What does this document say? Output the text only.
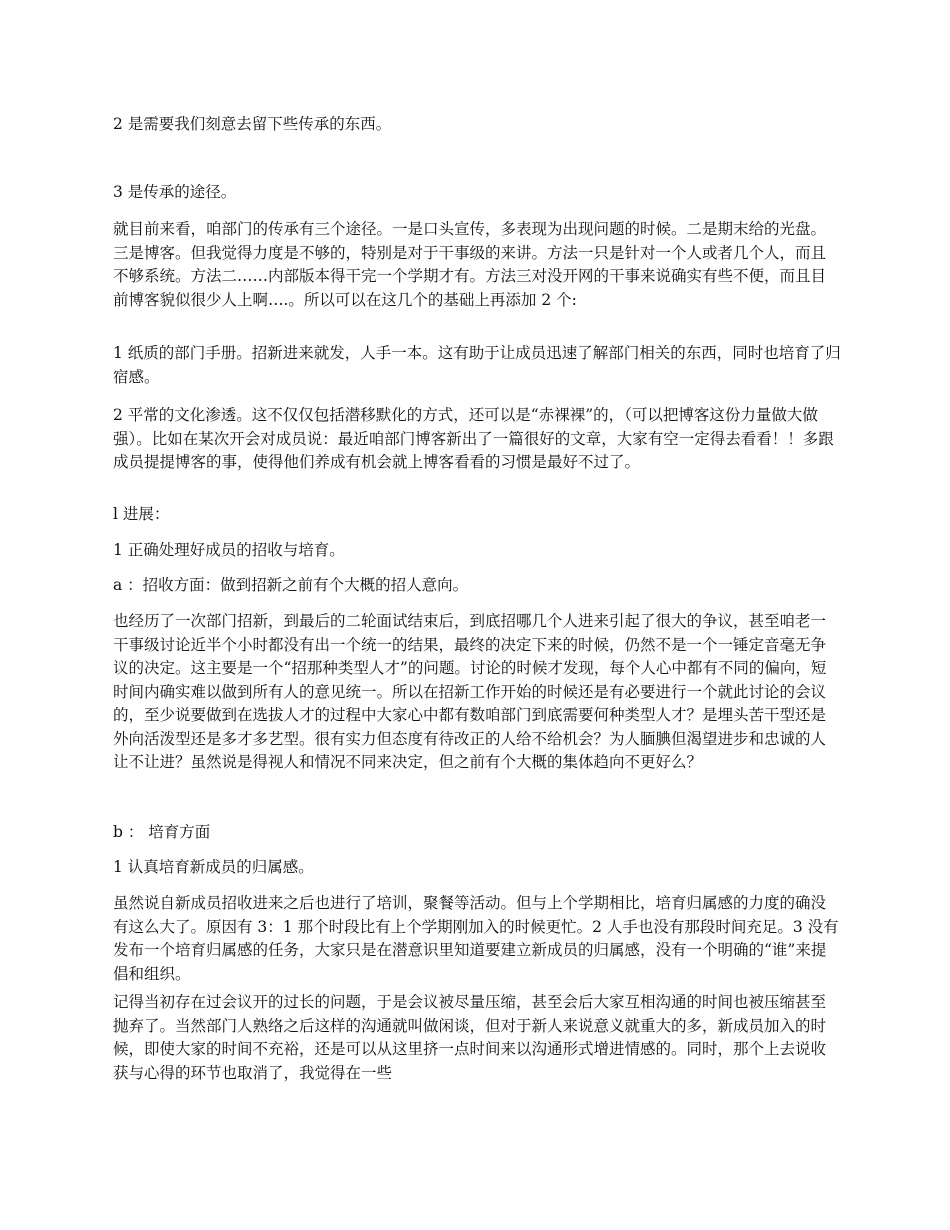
2 是需要我们刻意去留下些传承的东西。

3 是传承的途径。

就目前来看，咱部门的传承有三个途径。一是口头宣传，多表现为出现问题的时候。二是期末给的光盘。三是博客。但我觉得力度是不够的，特别是对于干事级的来讲。方法一只是针对一个人或者几个人，而且不够系统。方法二……内部版本得干完一个学期才有。方法三对没开网的干事来说确实有些不便，而且目前博客貌似很少人上啊….。所以可以在这几个的基础上再添加 2 个:

1 纸质的部门手册。招新进来就发，人手一本。这有助于让成员迅速了解部门相关的东西，同时也培育了归宿感。

2 平常的文化渗透。这不仅仅包括潜移默化的方式，还可以是“赤裸裸”的，（可以把博客这份力量做大做强）。比如在某次开会对成员说：最近咱部门博客新出了一篇很好的文章，大家有空一定得去看看！！多跟成员提提博客的事，使得他们养成有机会就上博客看看的习惯是最好不过了。

l 进展：

1 正确处理好成员的招收与培育。

a ：招收方面：做到招新之前有个大概的招人意向。

也经历了一次部门招新，到最后的二轮面试结束后，到底招哪几个人进来引起了很大的争议，甚至咱老一干事级讨论近半个小时都没有出一个统一的结果，最终的决定下来的时候，仍然不是一个一锤定音毫无争议的决定。这主要是一个“招那种类型人才”的问题。讨论的时候才发现，每个人心中都有不同的偏向，短时间内确实难以做到所有人的意见统一。所以在招新工作开始的时候还是有必要进行一个就此讨论的会议的，至少说要做到在选拔人才的过程中大家心中都有数咱部门到底需要何种类型人才？是埋头苦干型还是外向活泼型还是多才多艺型。很有实力但态度有待改正的人给不给机会？为人腼腆但渴望进步和忠诚的人让不让进？虽然说是得视人和情况不同来决定，但之前有个大概的集体趋向不更好么？

b ： 培育方面

1 认真培育新成员的归属感。

虽然说自新成员招收进来之后也进行了培训，聚餐等活动。但与上个学期相比，培育归属感的力度的确没有这么大了。原因有 3：1 那个时段比有上个学期刚加入的时候更忙。2 人手也没有那段时间充足。3 没有发布一个培育归属感的任务，大家只是在潜意识里知道要建立新成员的归属感，没有一个明确的“谁”来提倡和组织。

记得当初存在过会议开的过长的问题，于是会议被尽量压缩，甚至会后大家互相沟通的时间也被压缩甚至抛弃了。当然部门人熟络之后这样的沟通就叫做闲谈，但对于新人来说意义就重大的多，新成员加入的时候，即使大家的时间不充裕，还是可以从这里挤一点时间来以沟通形式增进情感的。同时，那个上去说收获与心得的环节也取消了，我觉得在一些
